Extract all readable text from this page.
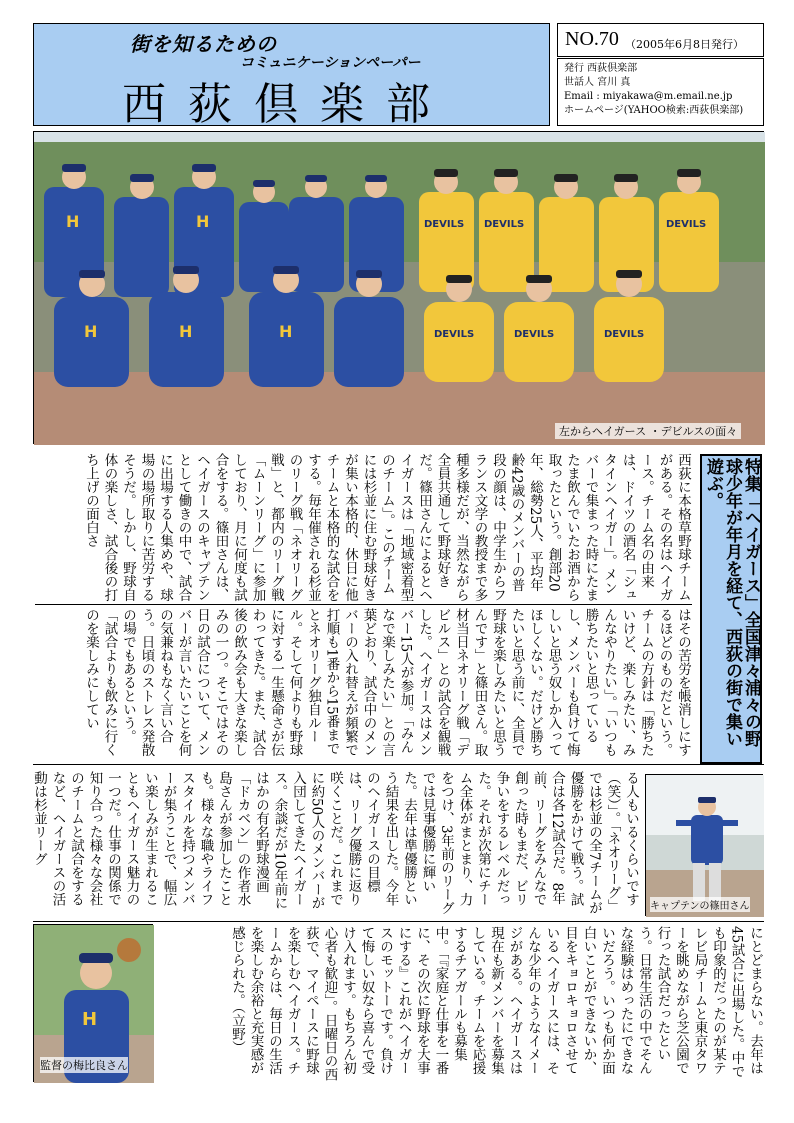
街を知るための
コミュニケーションペーパー
西荻倶楽部
NO.70 （2005年6月8日発行）
発行 西荻倶楽部
世話人 宮川 真
Email : miyakawa@m.email.ne.jp
ホームページ(YAHOO検索:西荻倶楽部)
H	H
H	H	H
DEVILS DEVILS	DEVILS
DEVILS	DEVILS	DEVILS
左からヘイガース ・デビルスの面々
特集「ヘイガース」全国津々浦々の野球少年が年月を経て、西荻の街で集い遊ぶ。
西荻に本格草野球チームがある。その名はヘイガース。チーム名の由来は、ドイツの酒名「シュタインヘイガー」。メンバーで集まった時にたまたま飲んでいたお酒から取ったという。創部20年、総勢25人、平均年齢42歳のメンバーの普段の顔は、中学生からフランス文学の教授まで多種多様だが、当然ながら全員共通して野球好きだ。篠田さんによるとヘイガースは「地域密着型のチーム」。このチームには杉並に住む野球好きが集い本格的、休日に他チームと本格的な試合をする。毎年催される杉並のリーグ戦「ネオリーグ戦」と、都内のリーグ戦「ムーンリーグ」に参加しており、月に何度も試合をする。篠田さんは、ヘイガースのキャプテンとして働きの中で、試合に出場する人集めや、球場の場所取りに苦労するそうだ。しかし、野球自体の楽しさ、試合後の打ち上げの面白さ
はその苦労を帳消しにするほどのものだという。チームの方針は「勝ちたいけど、楽しみたい、みんなやりたい」。「いつも勝ちたいと思っているし、メンバーも負けて悔しいと思う奴しか入ってほしくない。だけど勝ちたいと思う前に、全員で野球を楽しみたいと思うんです」と篠田さん。取材当日ネオリーグ戦「デビルス」との試合を観戦した。ヘイガースはメンバー15人が参加。「みんなで楽しみたい」との言葉どおり、試合中のメンバーの入れ替えが頻繁で打順も1番から15番までとネオリーグ独自ルール。そして何よりも野球に対する一生懸命さが伝わってきた。また、試合後の飲み会も大きな楽しみの一つ。そこではその日の試合について、メンバーが言いたいことを何の気兼ねもなく言い合う。日頃のストレス発散の場でもあるという。「試合よりも飲みに行くのを楽しみにしてい
る人もいるくらいです（笑）」。「ネオリーグ」では杉並の全7チームが優勝をかけて戦う。試合は各12試合だ。8年前、リーグをみんなで創った時もまだ、ビリ争いをするレベルだった。それが次第にチーム全体がまとまり、力をつけ、3年前のリーグでは見事優勝に輝いた。去年は準優勝という結果を出した。今年のヘイガースの目標は、リーグ優勝に返り咲くことだ。これまでに約50人のメンバーが入団してきたヘイガース。余談だが10年前にはかの有名野球漫画「ドカベン」の作者水島さんが参加したことも。様々な職やライフスタイルを持つメンバーが集うことで、幅広い楽しみが生まれることもヘイガース魅力の一つだ。仕事の関係で知り合った様々な会社のチームと試合をするなど、ヘイガースの活動は杉並リーグ
にとどまらない。去年は45試合に出場した。中でも印象的だったのが某テレビ局チームと東京タワーを眺めながら芝公園で行った試合だったという。日常生活の中でそんな経験はめったにできないだろう。いつも何か面白いことができないか、目をキョロキョロさせているヘイガースには、そんな少年のようなイメージがある。ヘイガースは現在も新メンバーを募集している。チームを応援するチアガールも募集中。「『家庭と仕事を一番に、その次に野球を大事にする』これがヘイガースのモットーです。負けて悔しい奴なら喜んで受け入れます。もちろん初心者も歓迎」。日曜日の西荻で、マイペースに野球を楽しむヘイガース。チームからは、毎日の生活を楽しむ余裕と充実感が感じられた。（立野）
キャプテンの篠田さん
H
監督の梅比良さん
